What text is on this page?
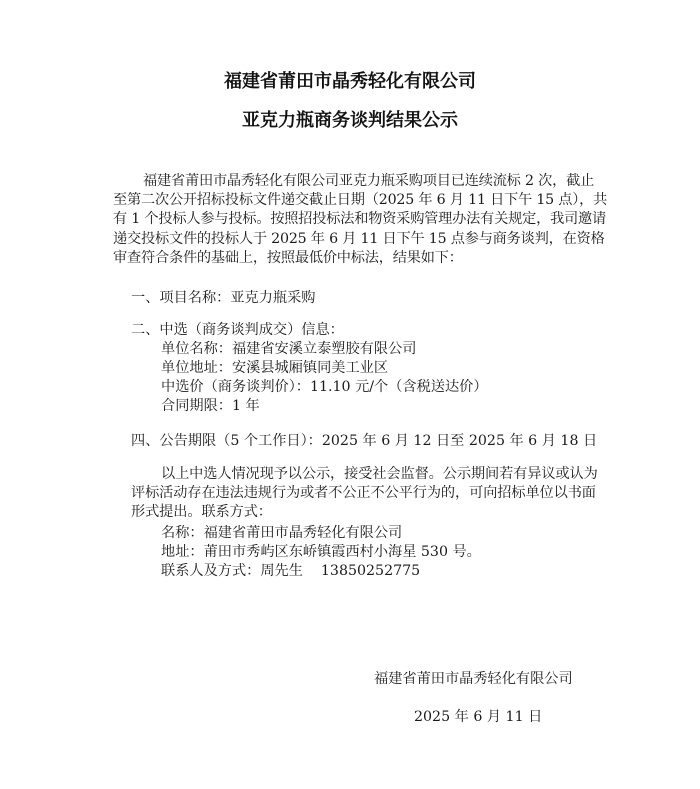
福建省莆田市晶秀轻化有限公司
亚克力瓶商务谈判结果公示
福建省莆田市晶秀轻化有限公司亚克力瓶采购项目已连续流标 2 次，截止至第二次公开招标投标文件递交截止日期（2025 年 6 月 11 日下午 15 点），共有 1 个投标人参与投标。按照招投标法和物资采购管理办法有关规定，我司邀请递交投标文件的投标人于 2025 年 6 月 11 日下午 15 点参与商务谈判，在资格审查符合条件的基础上，按照最低价中标法，结果如下：
一、项目名称：亚克力瓶采购
二、中选（商务谈判成交）信息：
单位名称：福建省安溪立泰塑胶有限公司
单位地址：安溪县城厢镇同美工业区
中选价（商务谈判价）：11.10 元/个（含税送达价）
合同期限：1 年
四、公告期限（5 个工作日）：2025 年 6 月 12 日至 2025 年 6 月 18 日
以上中选人情况现予以公示，接受社会监督。公示期间若有异议或认为评标活动存在违法违规行为或者不公正不公平行为的，可向招标单位以书面形式提出。联系方式：
名称：福建省莆田市晶秀轻化有限公司
地址：莆田市秀屿区东峤镇霞西村小海星 530 号。
联系人及方式：周先生 13850252775
福建省莆田市晶秀轻化有限公司
2025 年 6 月 11 日
